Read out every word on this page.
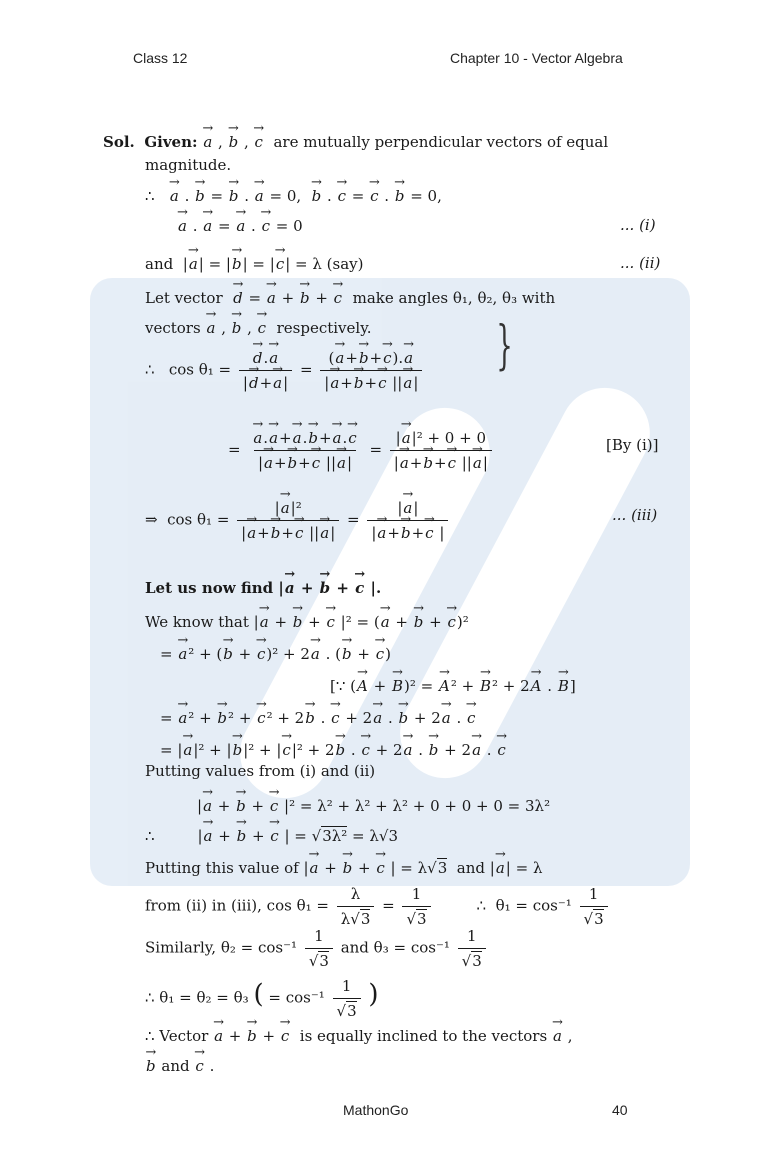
Class 12	Chapter 10 - Vector Algebra
Sol. Given: → a , → b , → c are mutually perpendicular vectors of equal
magnitude.
∴   → a . → b = → b . → a = 0,  → b . → c = → c . → b = 0,
→ a . → a = → a . → c = 0	... (i)
and  |→ a| = |→ b| = |→ c| = λ (say)	... (ii)
Let vector → d = → a + → b + → c make angles θ₁, θ₂, θ₃ with
vectors → a , → b , → c respectively.
∴   cos θ₁ = → $\frac{d.\to a}{|\to d+\to a|} = \frac{(\to a+\to b+\to c).\to a}{|\to a+\to b+\to c ||\to a|}$ }
= → $\frac{a.\to a+\to a.\to b+\to a.\to c}{|\to a+\to b+\to c ||\to a|} = \frac{\text{|→ a|² + 0 + 0}}{|\to a+\to b+\to c ||\to a|}$	[By (i)]
⇒  $\cos \theta_1 = \frac{\text{|→ a|²}}{|\to a+\to b+\to c ||\to a|} = \frac{|\to a|}{|\to a+\to b+\to c |}$	... (iii)
Let us now find |→ a + → b + → c |.
We know that |→ a + → b + → c |² = (→ a + → b + → c)²
= → a² + (→ b + → c)² + 2→ a . (→ b + → c)
[∵ (→ A + → B)² = → A² + → B² + 2→ A . → B]
= → a² + → b² + → c² + 2→ b . → c + 2→ a . → b + 2→ a . → c
= |→ a|² + |→ b|² + |→ c|² + 2→ b . → c + 2→ a . → b + 2→ a . → c
Putting values from (i) and (ii)
|→ a + → b + → c |² = λ² + λ² + λ² + 0 + 0 + 0 = 3λ²
∴         |→ a + → b + → c | = √3λ² = λ√3
Putting this value of |→ a + → b + → c | = λ√3  and |→ a| = λ
from (ii) in (iii), $\cos \theta_1 = \frac{\lambda}{\lambda√3} = \frac{1}{√3}$ ∴  $\theta_1 = \cos^{-1} \frac{1}{√3}$
Similarly, $\theta_2 = \cos^{-1} \frac{1}{√3}$ and $\theta_3 = \cos^{-1} \frac{1}{√3}$
∴ θ₁ = θ₂ = θ₃ ( = $\cos^{-1} \frac{1}{√3}$ )
∴ Vector → a + → b + → c is equally inclined to the vectors → a ,
→ b and → c .
MathonGo	40
